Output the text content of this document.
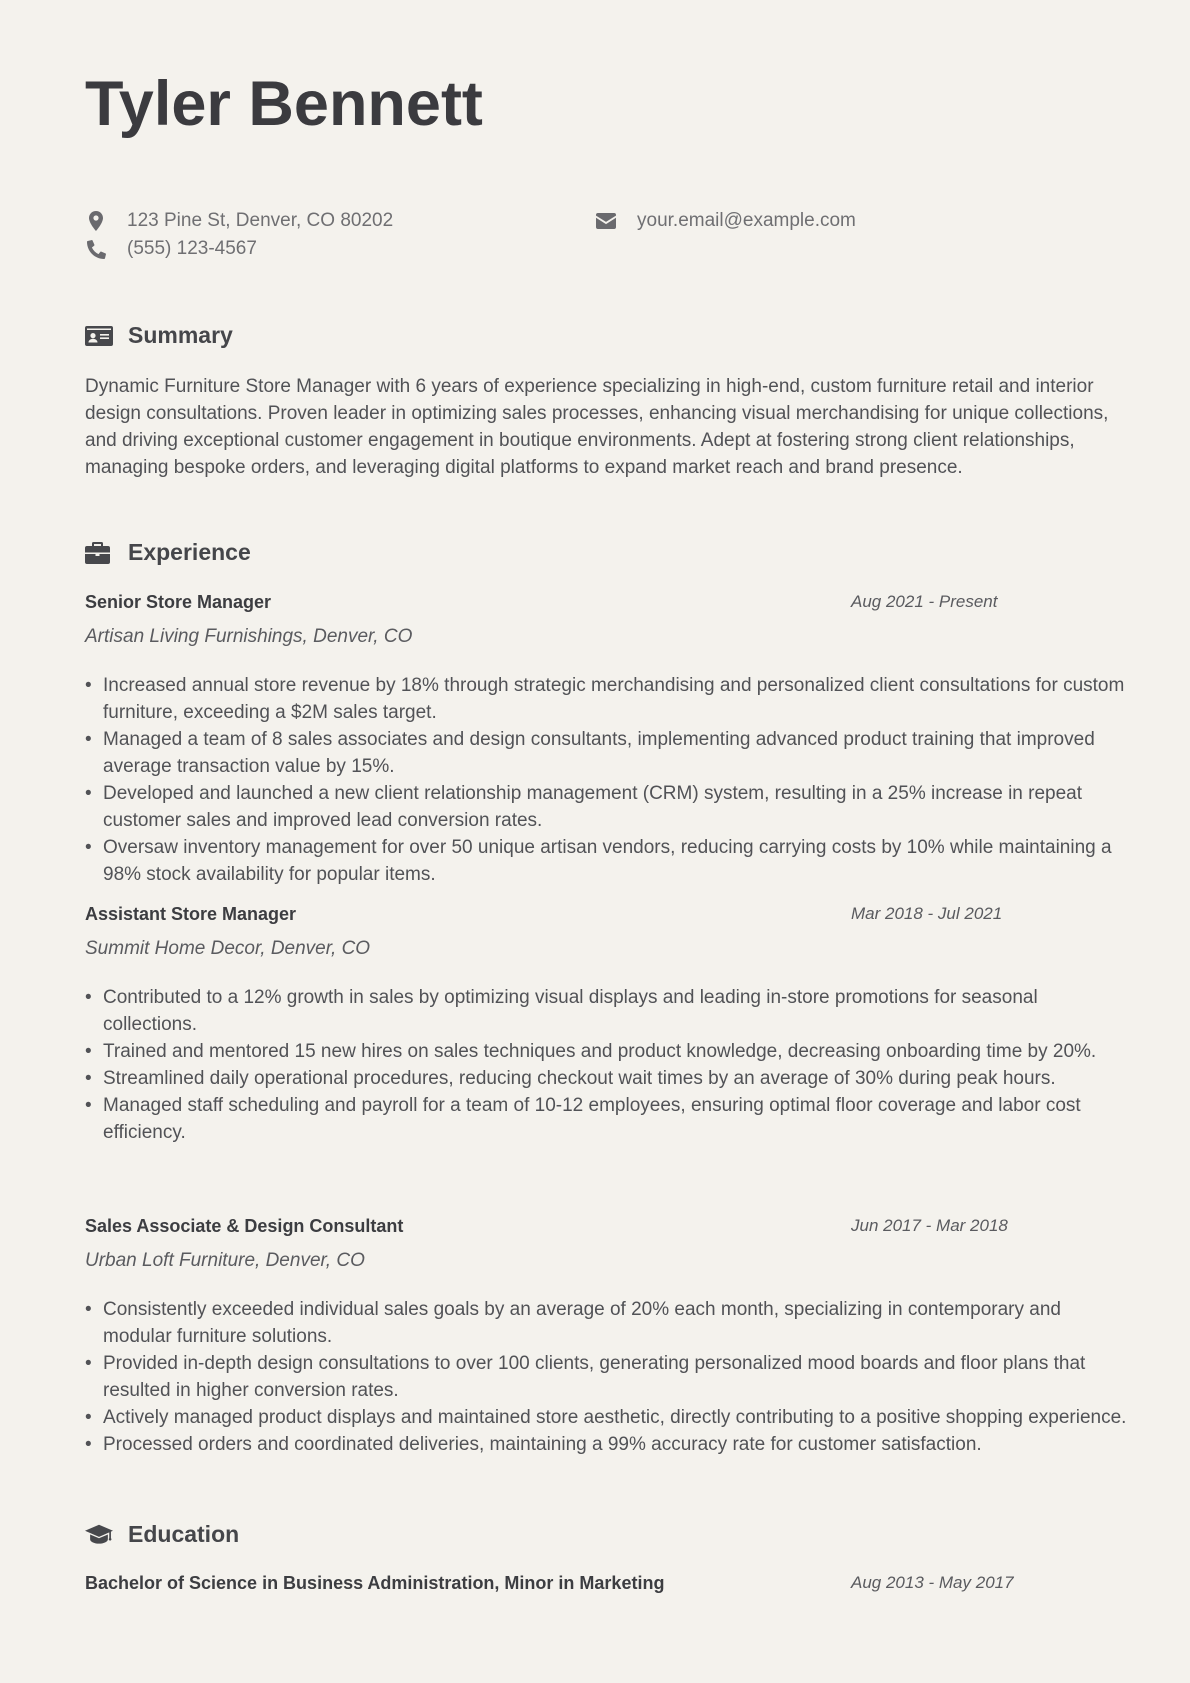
Tyler Bennett
123 Pine St, Denver, CO 80202	your.email@example.com
(555) 123-4567
Summary

Dynamic Furniture Store Manager with 6 years of experience specializing in high-end, custom furniture retail and interior design consultations. Proven leader in optimizing sales processes, enhancing visual merchandising for unique collections, and driving exceptional customer engagement in boutique environments. Adept at fostering strong client relationships, managing bespoke orders, and leveraging digital platforms to expand market reach and brand presence.

Experience
Senior Store Manager	Aug 2021 - Present
Artisan Living Furnishings, Denver, CO
• Increased annual store revenue by 18% through strategic merchandising and personalized client consultations for custom furniture, exceeding a $2M sales target.
• Managed a team of 8 sales associates and design consultants, implementing advanced product training that improved average transaction value by 15%.
• Developed and launched a new client relationship management (CRM) system, resulting in a 25% increase in repeat customer sales and improved lead conversion rates.
• Oversaw inventory management for over 50 unique artisan vendors, reducing carrying costs by 10% while maintaining a 98% stock availability for popular items.
Assistant Store Manager	Mar 2018 - Jul 2021
Summit Home Decor, Denver, CO
• Contributed to a 12% growth in sales by optimizing visual displays and leading in-store promotions for seasonal collections.
• Trained and mentored 15 new hires on sales techniques and product knowledge, decreasing onboarding time by 20%.
• Streamlined daily operational procedures, reducing checkout wait times by an average of 30% during peak hours.
• Managed staff scheduling and payroll for a team of 10-12 employees, ensuring optimal floor coverage and labor cost efficiency.
Sales Associate & Design Consultant	Jun 2017 - Mar 2018
Urban Loft Furniture, Denver, CO
• Consistently exceeded individual sales goals by an average of 20% each month, specializing in contemporary and modular furniture solutions.
• Provided in-depth design consultations to over 100 clients, generating personalized mood boards and floor plans that resulted in higher conversion rates.
• Actively managed product displays and maintained store aesthetic, directly contributing to a positive shopping experience.
• Processed orders and coordinated deliveries, maintaining a 99% accuracy rate for customer satisfaction.
Education
Bachelor of Science in Business Administration, Minor in Marketing	Aug 2013 - May 2017
